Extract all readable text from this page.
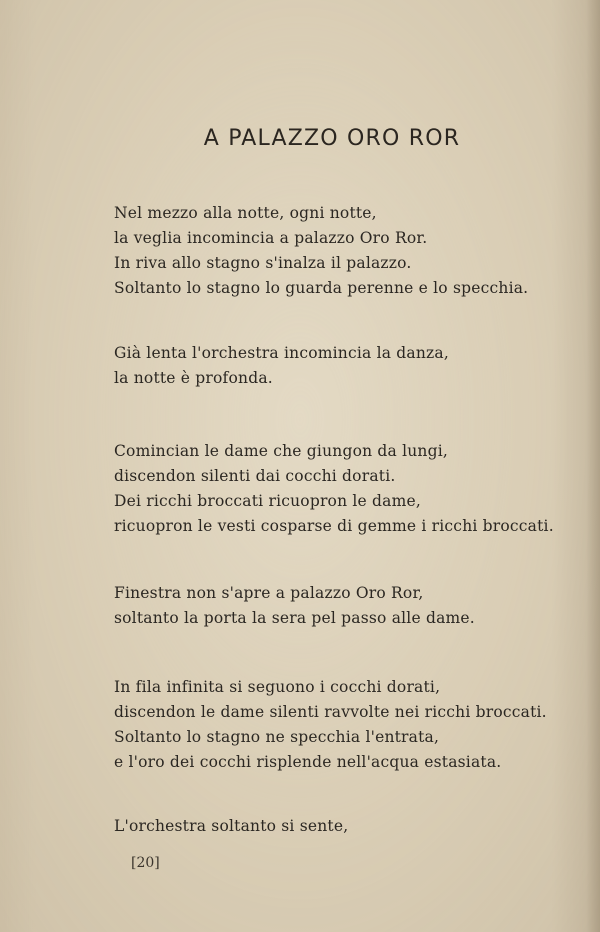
A PALAZZO ORO ROR
Nel mezzo alla notte, ogni notte,
la veglia incomincia a palazzo Oro Ror.
In riva allo stagno s'inalza il palazzo.
Soltanto lo stagno lo guarda perenne e lo specchia.
Già lenta l'orchestra incomincia la danza,
la notte è profonda.
Comincian le dame che giungon da lungi,
discendon silenti dai cocchi dorati.
Dei ricchi broccati ricuopron le dame,
ricuopron le vesti cosparse di gemme i ricchi broccati.
Finestra non s'apre a palazzo Oro Ror,
soltanto la porta la sera pel passo alle dame.
In fila infinita si seguono i cocchi dorati,
discendon le dame silenti ravvolte nei ricchi broccati.
Soltanto lo stagno ne specchia l'entrata,
e l'oro dei cocchi risplende nell'acqua estasiata.
L'orchestra soltanto si sente,
[20]
